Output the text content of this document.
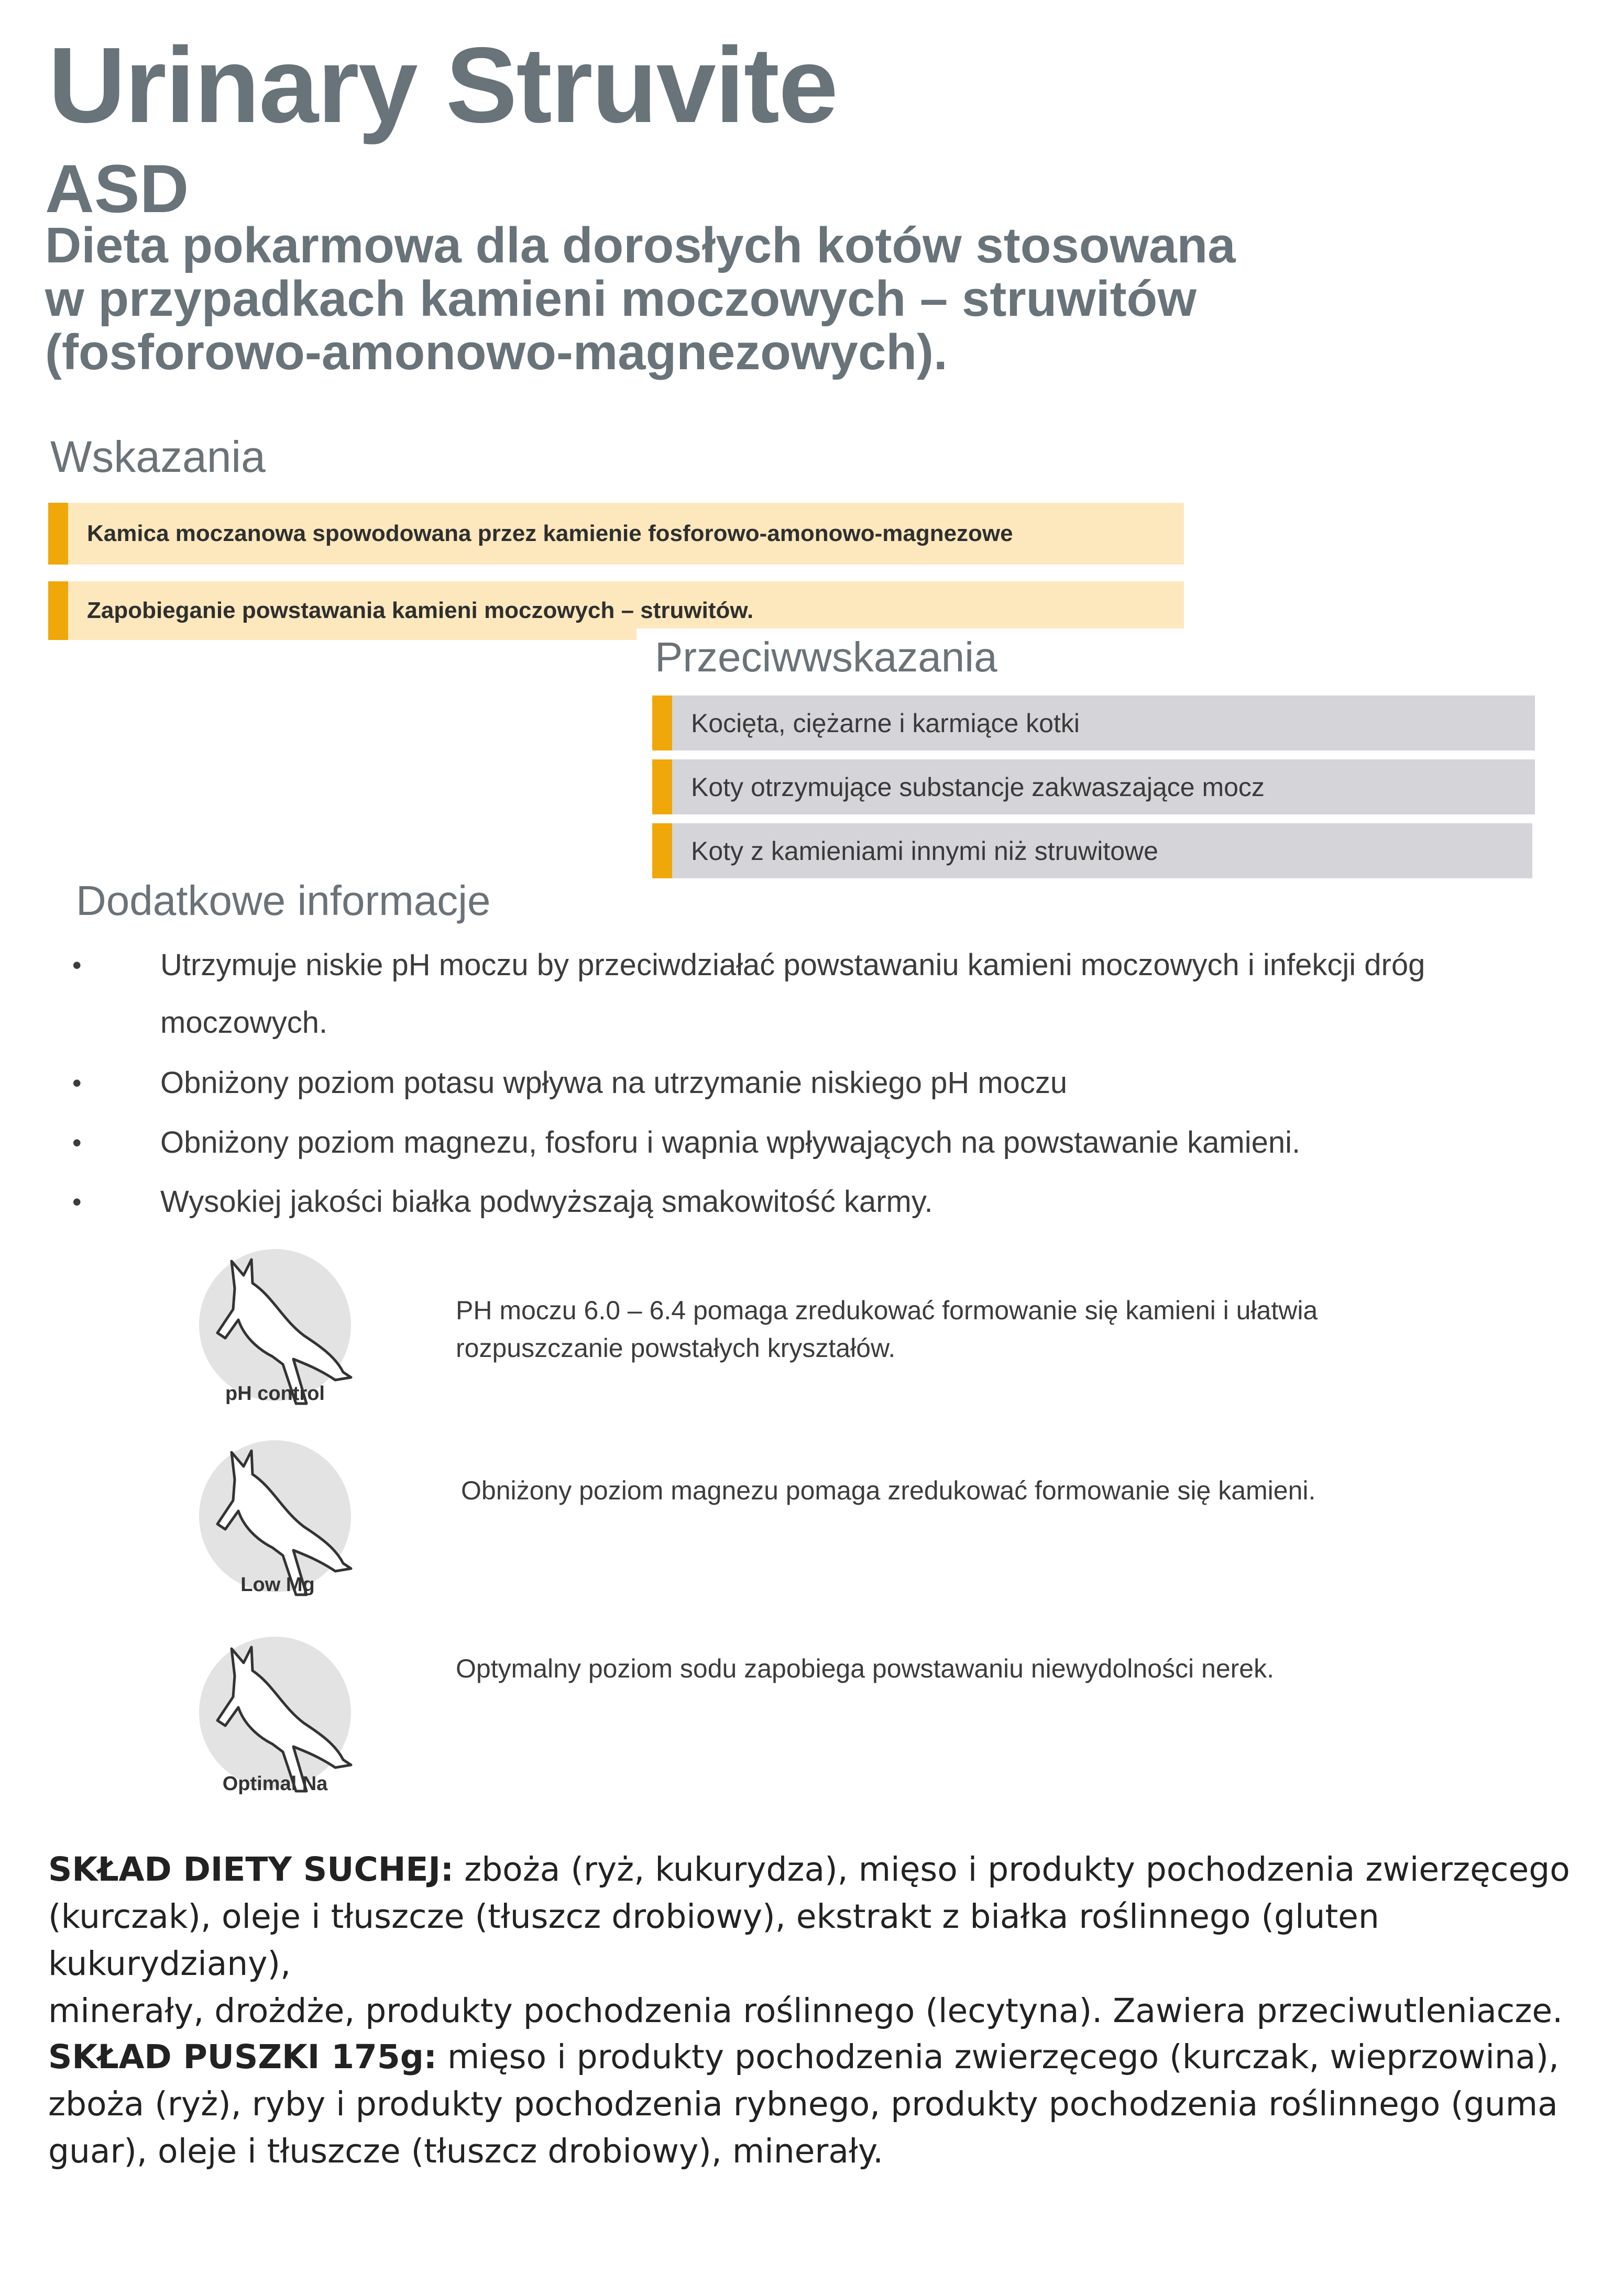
Urinary Struvite
ASD
Dieta pokarmowa dla dorosłych kotów stosowana
w przypadkach kamieni moczowych – struwitów
(fosforowo-amonowo-magnezowych).
Wskazania
Kamica moczanowa spowodowana przez kamienie fosforowo-amonowo-magnezowe
Zapobieganie powstawania kamieni moczowych – struwitów.
Przeciwwskazania
Kocięta, ciężarne i karmiące kotki
Koty otrzymujące substancje zakwaszające mocz
Koty z kamieniami innymi niż struwitowe
Dodatkowe informacje
•	Utrzymuje niskie pH moczu by przeciwdziałać powstawaniu kamieni moczowych i infekcji dróg moczowych.
•	Obniżony poziom potasu wpływa na utrzymanie niskiego pH moczu
•	Obniżony poziom magnezu, fosforu i wapnia wpływających na powstawanie kamieni.
•	Wysokiej jakości białka podwyższają smakowitość karmy.
pH control
PH moczu 6.0 – 6.4 pomaga zredukować formowanie się kamieni i ułatwia
rozpuszczanie powstałych kryształów.
Low Mg
Obniżony poziom magnezu pomaga zredukować formowanie się kamieni.
Optimal Na
Optymalny poziom sodu zapobiega powstawaniu niewydolności nerek.
SKŁAD DIETY SUCHEJ: zboża (ryż, kukurydza), mięso i produkty pochodzenia zwierzęcego
(kurczak), oleje i tłuszcze (tłuszcz drobiowy), ekstrakt z białka roślinnego (gluten kukurydziany),
minerały, drożdże, produkty pochodzenia roślinnego (lecytyna). Zawiera przeciwutleniacze.
SKŁAD PUSZKI 175g: mięso i produkty pochodzenia zwierzęcego (kurczak, wieprzowina),
zboża (ryż), ryby i produkty pochodzenia rybnego, produkty pochodzenia roślinnego (guma
guar), oleje i tłuszcze (tłuszcz drobiowy), minerały.
